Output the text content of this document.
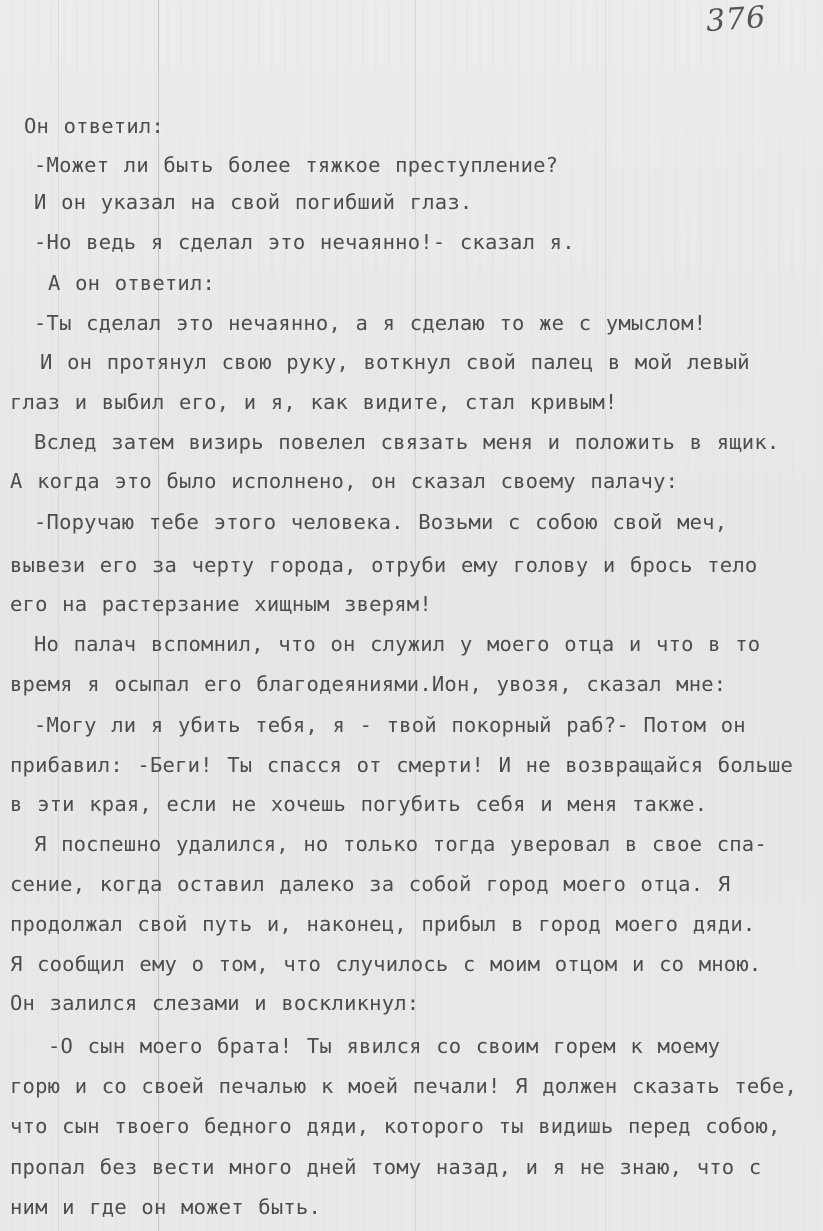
376
Он ответил:
-Может ли быть более тяжкое преступление?
И он указал на свой погибший глаз.
-Но ведь я сделал это нечаянно!- сказал я.
А он ответил:
-Ты сделал это нечаянно, а я сделаю то же с умыслом!
И он протянул свою руку, воткнул свой палец в мой левый
глаз и выбил его, и я, как видите, стал кривым!
Вслед затем визирь повелел связать меня и положить в ящик.
А когда это было исполнено, он сказал своему палачу:
-Поручаю тебе этого человека. Возьми с собою свой меч,
вывези его за черту города, отруби ему голову и брось тело
его на растерзание хищным зверям!
Но палач вспомнил, что он служил у моего отца и что в то
время я осыпал его благодеяниями.Ион, увозя, сказал мне:
-Могу ли я убить тебя, я - твой покорный раб?- Потом он
прибавил: -Беги! Ты спасся от смерти! И не возвращайся больше
в эти края, если не хочешь погубить себя и меня также.
Я поспешно удалился, но только тогда уверовал в свое спа-
сение, когда оставил далеко за собой город моего отца. Я
продолжал свой путь и, наконец, прибыл в город моего дяди.
Я сообщил ему о том, что случилось с моим отцом и со мною.
Он залился слезами и воскликнул:
-О сын моего брата! Ты явился со своим горем к моему
горю и со своей печалью к моей печали! Я должен сказать тебе,
что сын твоего бедного дяди, которого ты видишь перед собою,
пропал без вести много дней тому назад, и я не знаю, что с
ним и где он может быть.
